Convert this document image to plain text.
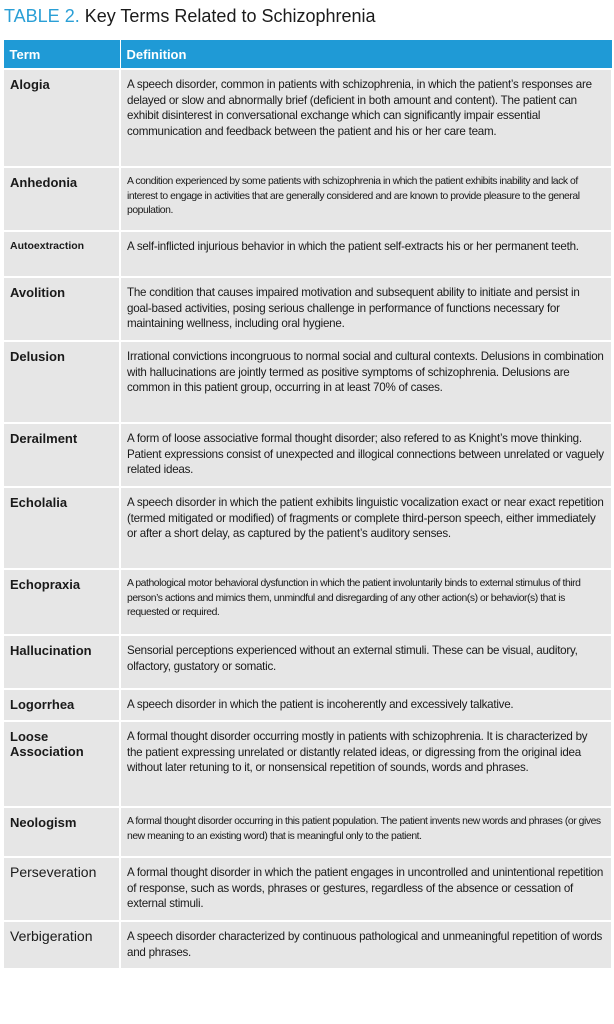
TABLE 2. Key Terms Related to Schizophrenia
Term	Definition
Alogia	A speech disorder, common in patients with schizophrenia, in which the patient’s responses are delayed or slow and abnormally brief (deficient in both amount and content). The patient can exhibit disinterest in conversational exchange which can significantly impair essential communication and feedback between the patient and his or her care team.
Anhedonia	A condition experienced by some patients with schizophrenia in which the patient exhibits inability and lack of interest to engage in activities that are generally considered and are known to provide pleasure to the general population.
Autoextraction	A self-inflicted injurious behavior in which the patient self-extracts his or her permanent teeth.
Avolition	The condition that causes impaired motivation and subsequent ability to initiate and persist in goal-based activities, posing serious challenge in performance of functions necessary for maintaining wellness, including oral hygiene.
Delusion	Irrational convictions incongruous to normal social and cultural contexts. Delusions in combination with hallucinations are jointly termed as positive symptoms of schizophrenia. Delusions are common in this patient group, occurring in at least 70% of cases.
Derailment	A form of loose associative formal thought disorder; also refered to as Knight’s move thinking. Patient expressions consist of unexpected and illogical connections between unrelated or vaguely related ideas.
Echolalia	A speech disorder in which the patient exhibits linguistic vocalization exact or near exact repetition (termed mitigated or modified) of fragments or complete third-person speech, either immediately or after a short delay, as captured by the patient’s auditory senses.
Echopraxia	A pathological motor behavioral dysfunction in which the patient involuntarily binds to external stimulus of third person’s actions and mimics them, unmindful and disregarding of any other action(s) or behavior(s) that is requested or required.
Hallucination	Sensorial perceptions experienced without an external stimuli. These can be visual, auditory, olfactory, gustatory or somatic.
Logorrhea	A speech disorder in which the patient is incoherently and excessively talkative.
Loose Association	A formal thought disorder occurring mostly in patients with schizophrenia. It is characterized by the patient expressing unrelated or distantly related ideas, or digressing from the original idea without later retuning to it, or nonsensical repetition of sounds, words and phrases.
Neologism	A formal thought disorder occurring in this patient population. The patient invents new words and phrases (or gives new meaning to an existing word) that is meaningful only to the patient.
Perseveration	A formal thought disorder in which the patient engages in uncontrolled and unintentional repetition of response, such as words, phrases or gestures, regardless of the absence or cessation of external stimuli.
Verbigeration	A speech disorder characterized by continuous pathological and unmeaningful repetition of words and phrases.
